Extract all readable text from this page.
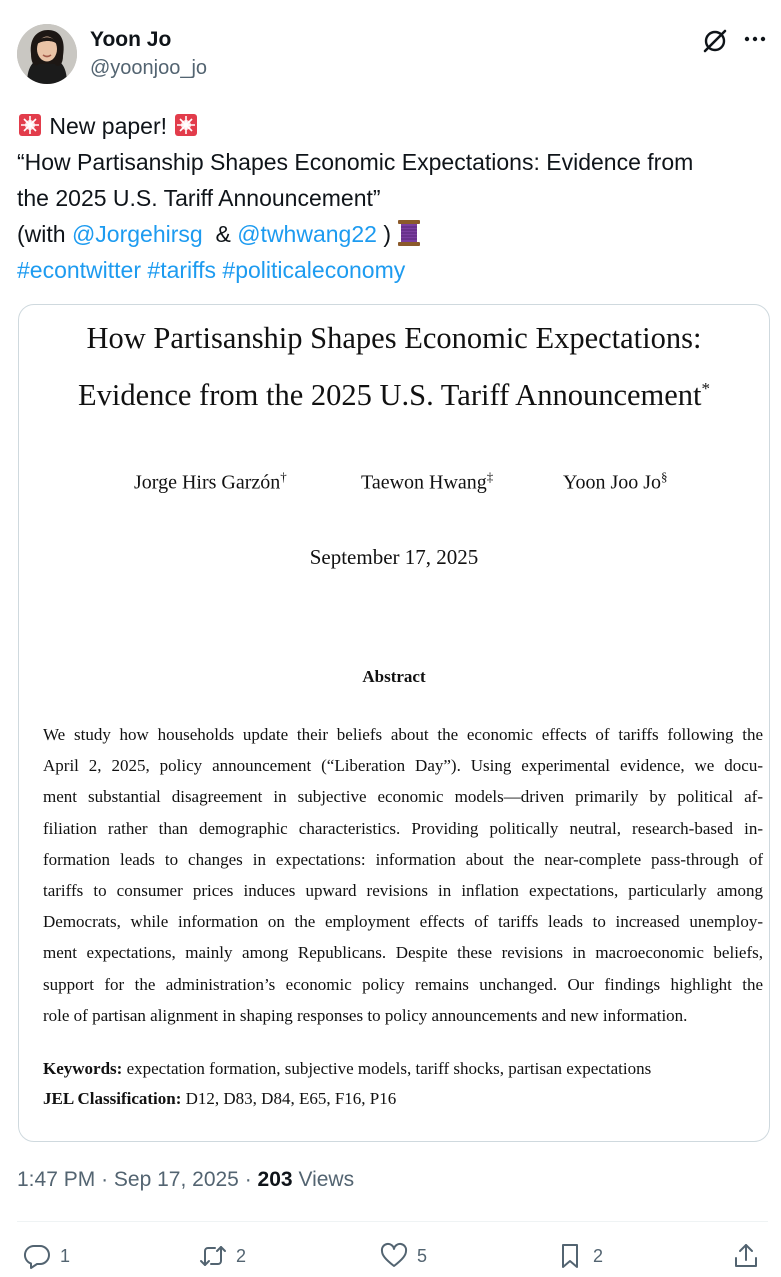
Yoon Jo
@yoonjoo_jo
New paper!
“How Partisanship Shapes Economic Expectations: Evidence from
the 2025 U.S. Tariff Announcement”
(with @Jorgehirsg & @twhwang22 )
#econtwitter #tariffs #politicaleconomy
How Partisanship Shapes Economic Expectations:
Evidence from the 2025 U.S. Tariff Announcement*
Jorge Hirs Garzón†	Taewon Hwang‡	Yoon Joo Jo§
September 17, 2025
Abstract
We study how households update their beliefs about the economic effects of tariffs following the
April 2, 2025, policy announcement (“Liberation Day”). Using experimental evidence, we docu-
ment substantial disagreement in subjective economic models—driven primarily by political af-
filiation rather than demographic characteristics. Providing politically neutral, research-based in-
formation leads to changes in expectations: information about the near-complete pass-through of
tariffs to consumer prices induces upward revisions in inflation expectations, particularly among
Democrats, while information on the employment effects of tariffs leads to increased unemploy-
ment expectations, mainly among Republicans. Despite these revisions in macroeconomic beliefs,
support for the administration’s economic policy remains unchanged. Our findings highlight the
role of partisan alignment in shaping responses to policy announcements and new information.
Keywords: expectation formation, subjective models, tariff shocks, partisan expectations
JEL Classification: D12, D83, D84, E65, F16, P16
1:47 PM · Sep 17, 2025 · 203 Views
1	2	5	2
